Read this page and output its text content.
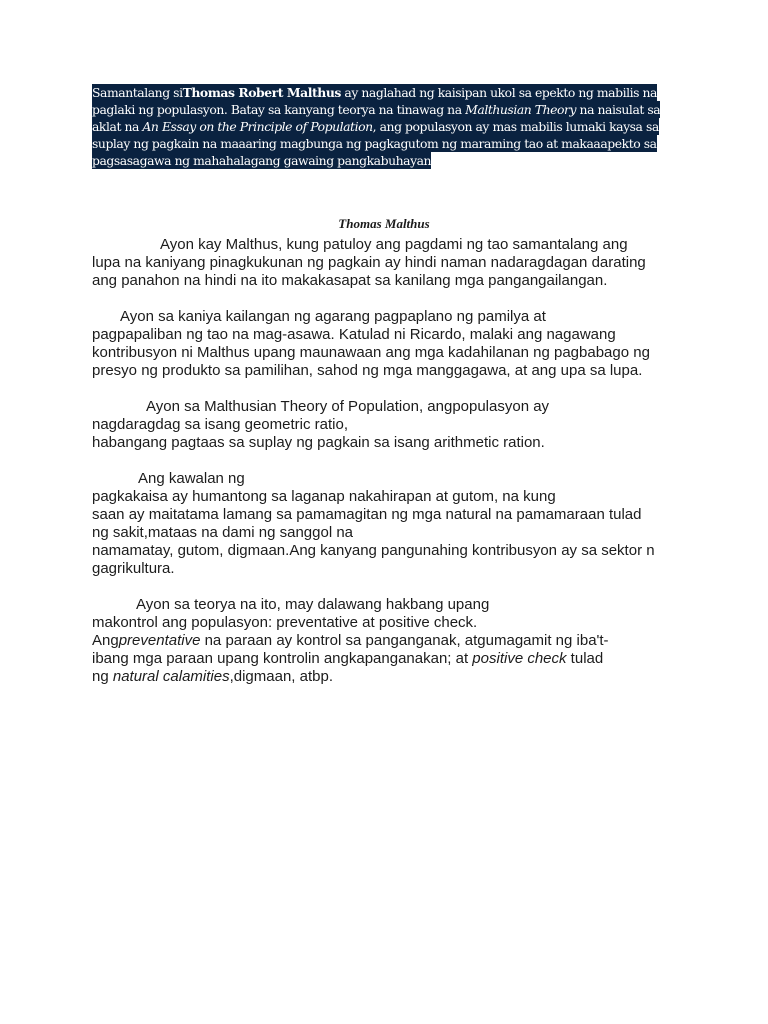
Samantalang siThomas Robert Malthus ay naglahad ng kaisipan ukol sa epekto ng mabilis na paglaki ng populasyon. Batay sa kanyang teorya na tinawag na Malthusian Theory na naisulat sa aklat na An Essay on the Principle of Population, ang populasyon ay mas mabilis lumaki kaysa sa suplay ng pagkain na maaaring magbunga ng pagkagutom ng maraming tao at makaaapekto sa pagsasagawa ng mahahalagang gawaing pangkabuhayan
Thomas Malthus
Ayon kay Malthus, kung patuloy ang pagdami ng tao samantalang ang
lupa na kaniyang pinagkukunan ng pagkain ay hindi naman nadaragdagan darating
ang panahon na hindi na ito makakasapat sa kanilang mga pangangailangan.
Ayon sa kaniya kailangan ng agarang pagpaplano ng pamilya at
pagpapaliban ng tao na mag-asawa. Katulad ni Ricardo, malaki ang nagawang
kontribusyon ni Malthus upang maunawaan ang mga kadahilanan ng pagbabago ng
presyo ng produkto sa pamilihan, sahod ng mga manggagawa, at ang upa sa lupa.
Ayon sa Malthusian Theory of Population, angpopulasyon ay
nagdaragdag sa isang geometric ratio,
habangang pagtaas sa suplay ng pagkain sa isang arithmetic ration.
Ang kawalan ng
pagkakaisa ay humantong sa laganap nakahirapan at gutom, na kung
saan ay maitatama lamang sa pamamagitan ng mga natural na pamamaraan tulad
ng sakit,mataas na dami ng sanggol na
namamatay, gutom, digmaan.Ang kanyang pangunahing kontribusyon ay sa sektor n
gagrikultura.
Ayon sa teorya na ito, may dalawang hakbang upang
makontrol ang populasyon: preventative at positive check.
Angpreventative na paraan ay kontrol sa panganganak, atgumagamit ng iba't-
ibang mga paraan upang kontrolin angkapanganakan; at positive check tulad
ng natural calamities,digmaan, atbp.
